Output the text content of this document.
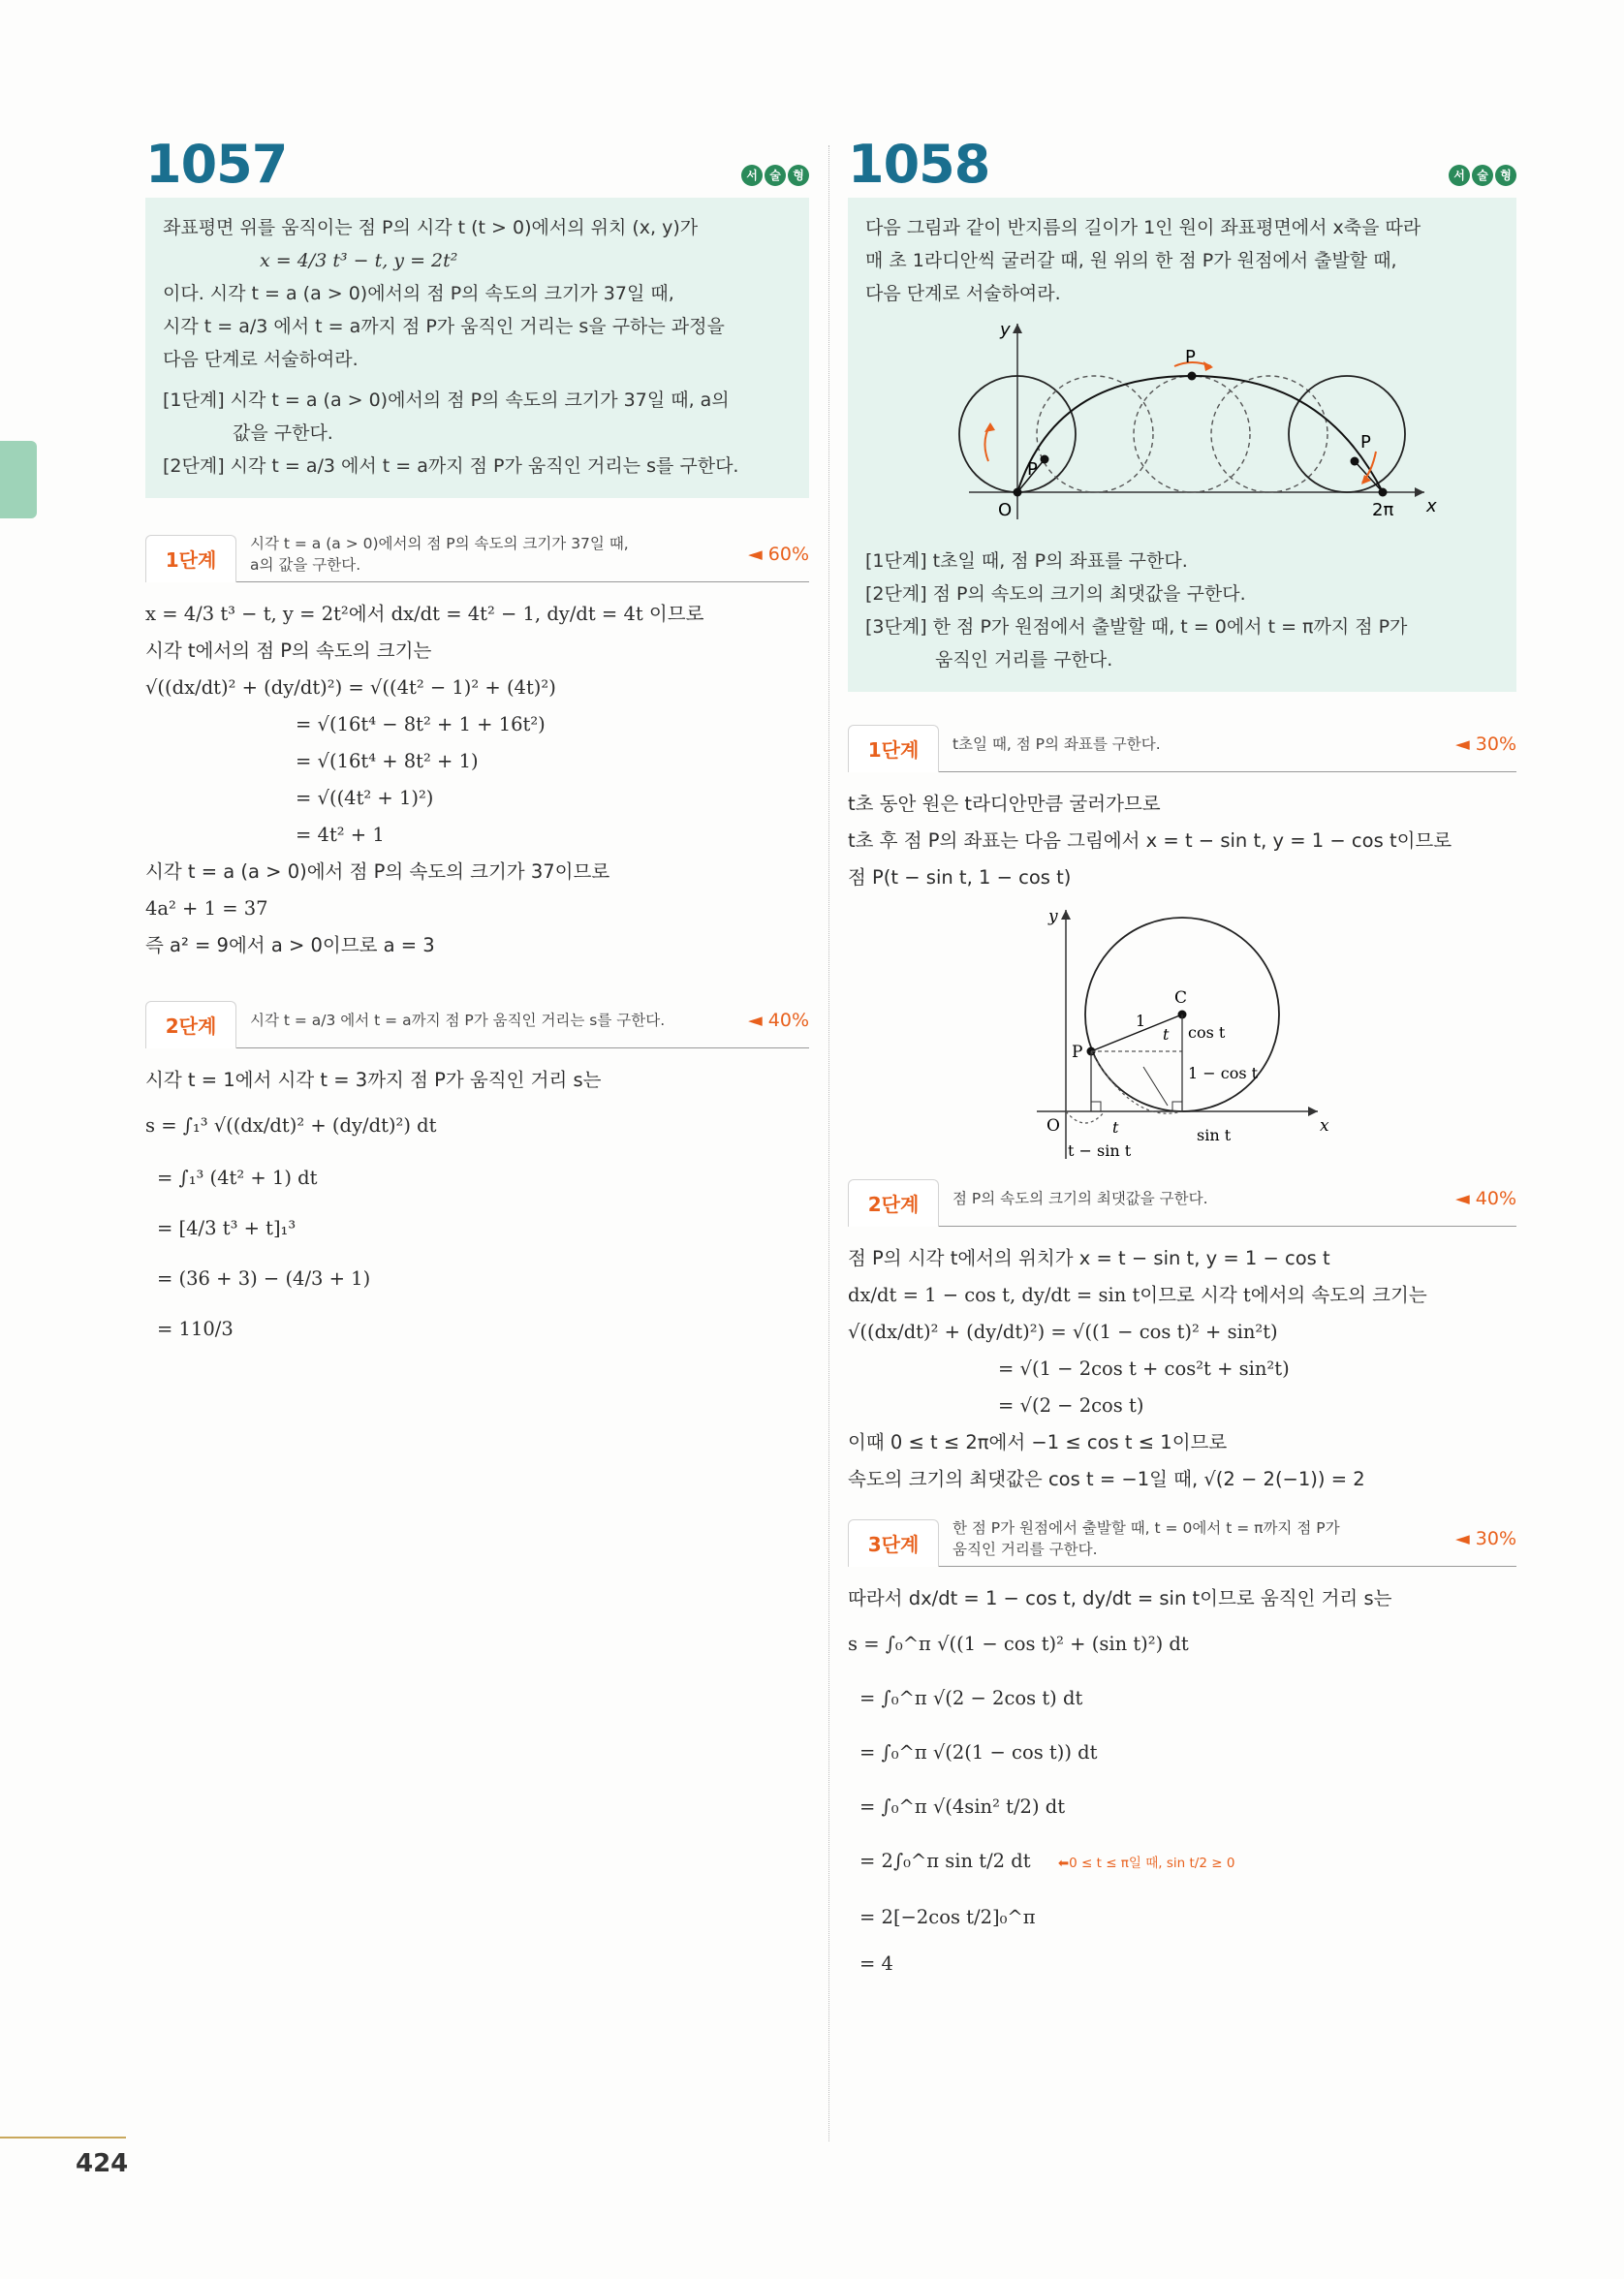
1057	서	술	형
좌표평면 위를 움직이는 점 P의 시각 t (t > 0)에서의 위치 (x, y)가
x = 4/3 t³ − t, y = 2t²
이다. 시각 t = a (a > 0)에서의 점 P의 속도의 크기가 37일 때,
시각 t = a/3 에서 t = a까지 점 P가 움직인 거리는 s을 구하는 과정을
다음 단계로 서술하여라.
[1단계] 시각 t = a (a > 0)에서의 점 P의 속도의 크기가 37일 때, a의
값을 구한다.
[2단계] 시각 t = a/3 에서 t = a까지 점 P가 움직인 거리는 s를 구한다.
1단계
시각 t = a (a > 0)에서의 점 P의 속도의 크기가 37일 때,
a의 값을 구한다.	◄ 60%
x = 4/3 t³ − t, y = 2t²에서 dx/dt = 4t² − 1, dy/dt = 4t 이므로
시각 t에서의 점 P의 속도의 크기는
√((dx/dt)² + (dy/dt)²) = √((4t² − 1)² + (4t)²)
= √(16t⁴ − 8t² + 1 + 16t²)
= √(16t⁴ + 8t² + 1)
= √((4t² + 1)²)
= 4t² + 1
시각 t = a (a > 0)에서 점 P의 속도의 크기가 37이므로
4a² + 1 = 37
즉 a² = 9에서 a > 0이므로 a = 3
2단계	시각 t = a/3 에서 t = a까지 점 P가 움직인 거리는 s를 구한다.	◄ 40%
시각 t = 1에서 시각 t = 3까지 점 P가 움직인 거리 s는
s = ∫₁³ √((dx/dt)² + (dy/dt)²) dt
= ∫₁³ (4t² + 1) dt
= [4/3 t³ + t]₁³
= (36 + 3) − (4/3 + 1)
= 110/3
1058	서	술	형
다음 그림과 같이 반지름의 길이가 1인 원이 좌표평면에서 x축을 따라
매 초 1라디안씩 굴러갈 때, 원 위의 한 점 P가 원점에서 출발할 때,
다음 단계로 서술하여라.
y
x
O	2π
P
P
P
[1단계] t초일 때, 점 P의 좌표를 구한다.
[2단계] 점 P의 속도의 크기의 최댓값을 구한다.
[3단계] 한 점 P가 원점에서 출발할 때, t = 0에서 t = π까지 점 P가
움직인 거리를 구한다.
1단계	t초일 때, 점 P의 좌표를 구한다.	◄ 30%
t초 동안 원은 t라디안만큼 굴러가므로
t초 후 점 P의 좌표는 다음 그림에서 x = t − sin t, y = 1 − cos t이므로
점 P(t − sin t, 1 − cos t)
y
x
O
C
P
1
t cos t
1 − cos t
sin t
t
t − sin t
2단계	점 P의 속도의 크기의 최댓값을 구한다.	◄ 40%
점 P의 시각 t에서의 위치가 x = t − sin t, y = 1 − cos t
dx/dt = 1 − cos t, dy/dt = sin t이므로 시각 t에서의 속도의 크기는
√((dx/dt)² + (dy/dt)²) = √((1 − cos t)² + sin²t)
= √(1 − 2cos t + cos²t + sin²t)
= √(2 − 2cos t)
이때 0 ≤ t ≤ 2π에서 −1 ≤ cos t ≤ 1이므로
속도의 크기의 최댓값은 cos t = −1일 때, √(2 − 2(−1)) = 2
3단계
한 점 P가 원점에서 출발할 때, t = 0에서 t = π까지 점 P가
움직인 거리를 구한다.	◄ 30%
따라서 dx/dt = 1 − cos t, dy/dt = sin t이므로 움직인 거리 s는
s = ∫₀^π √((1 − cos t)² + (sin t)²) dt
= ∫₀^π √(2 − 2cos t) dt
= ∫₀^π √(2(1 − cos t)) dt
= ∫₀^π √(4sin² t/2) dt
= 2∫₀^π sin t/2 dt ⬅0 ≤ t ≤ π일 때, sin t/2 ≥ 0
= 2[−2cos t/2]₀^π
= 4
424
